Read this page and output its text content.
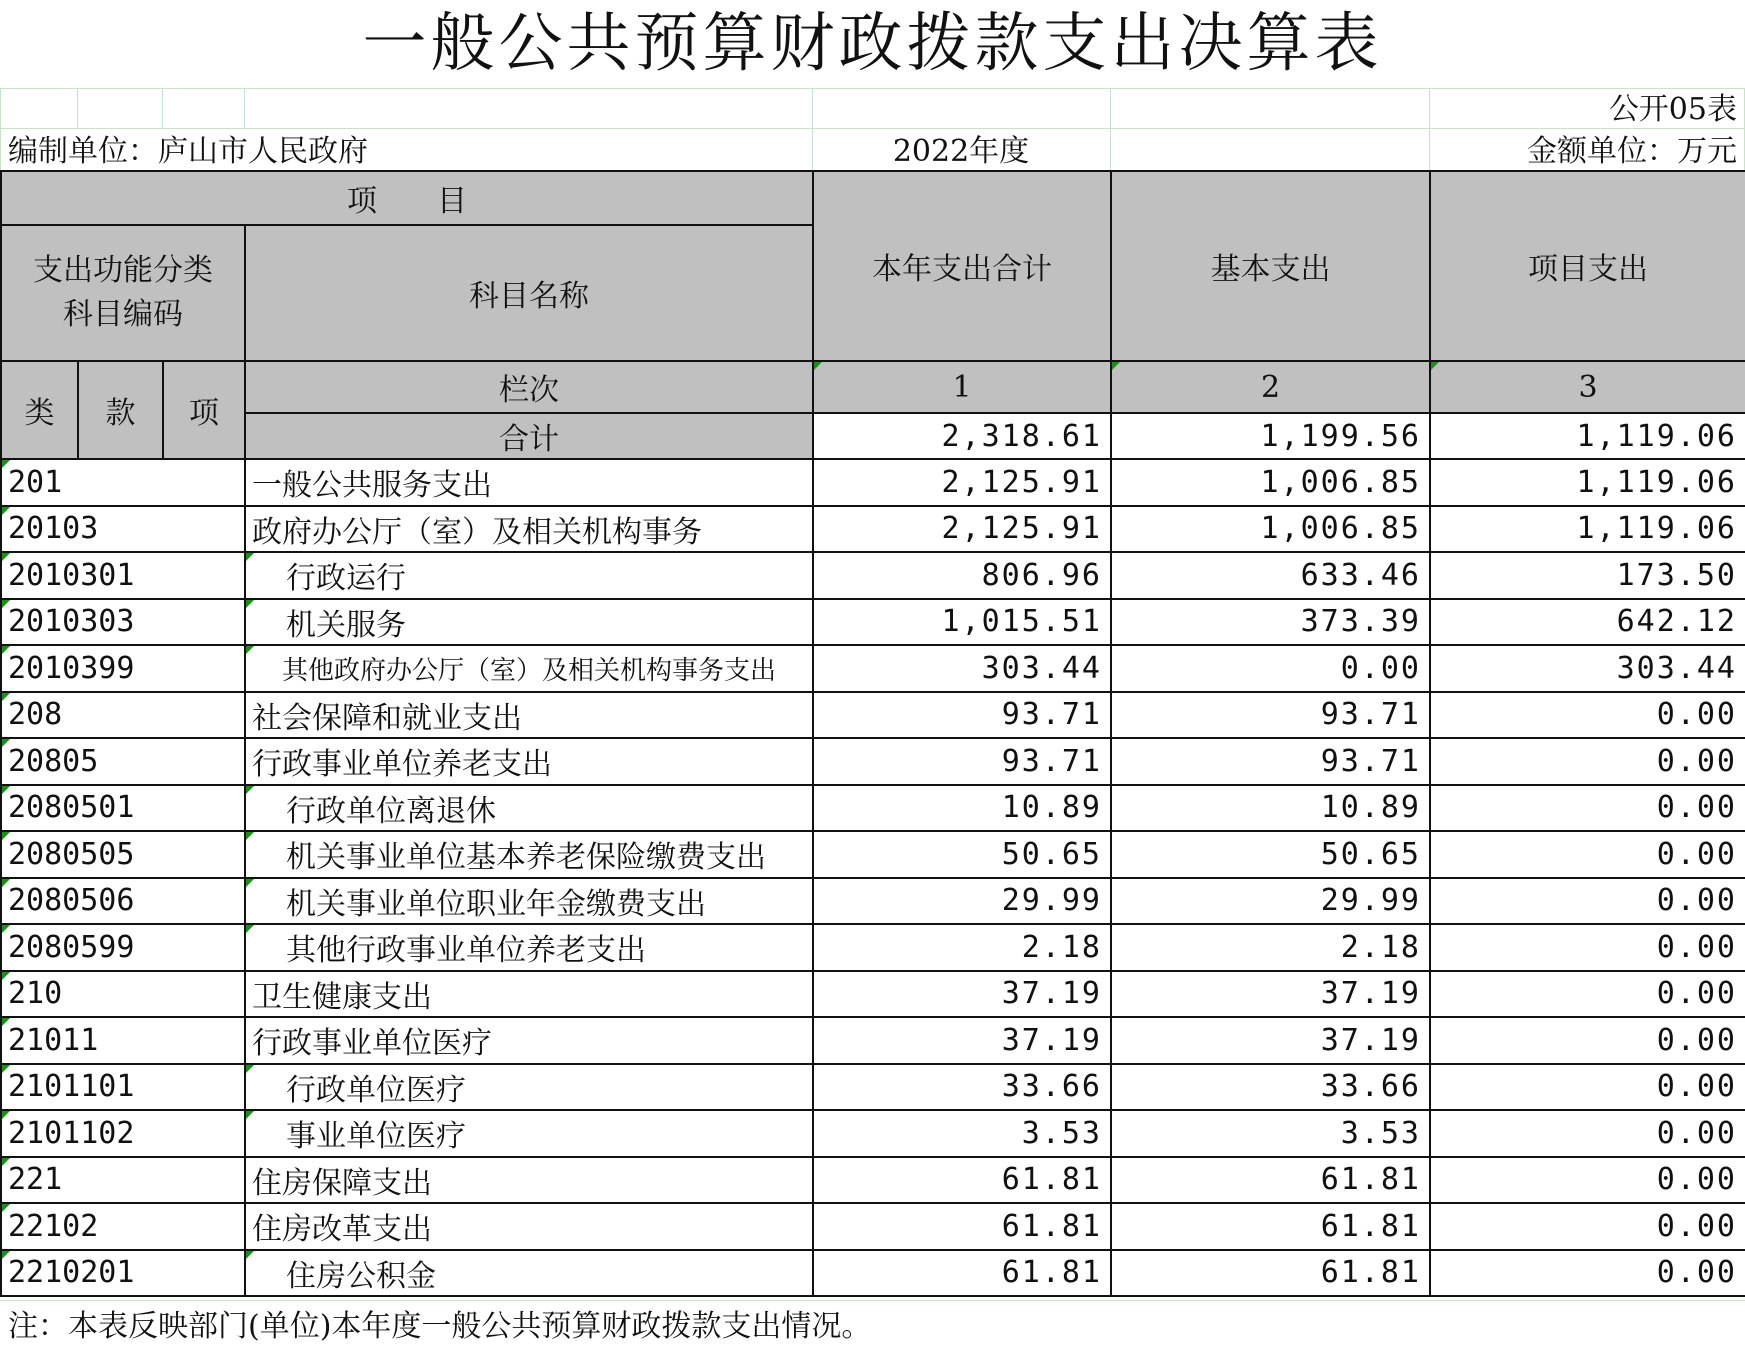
一般公共预算财政拨款支出决算表
公开05表
编制单位：庐山市人民政府	2022年度	金额单位：万元
项　　目				本年支出合计	基本支出	项目支出
支出功能分类科目编码			科目名称			
类	款	项	栏次	1	2	3
			合计	2,318.61	1,199.56	1,119.06
201			一般公共服务支出	2,125.91	1,006.85	1,119.06
20103			政府办公厅（室）及相关机构事务	2,125.91	1,006.85	1,119.06
2010301			行政运行	806.96	633.46	173.50
2010303			机关服务	1,015.51	373.39	642.12
2010399			其他政府办公厅（室）及相关机构事务支出	303.44	0.00	303.44
208			社会保障和就业支出	93.71	93.71	0.00
20805			行政事业单位养老支出	93.71	93.71	0.00
2080501			行政单位离退休	10.89	10.89	0.00
2080505			机关事业单位基本养老保险缴费支出	50.65	50.65	0.00
2080506			机关事业单位职业年金缴费支出	29.99	29.99	0.00
2080599			其他行政事业单位养老支出	2.18	2.18	0.00
210			卫生健康支出	37.19	37.19	0.00
21011			行政事业单位医疗	37.19	37.19	0.00
2101101			行政单位医疗	33.66	33.66	0.00
2101102			事业单位医疗	3.53	3.53	0.00
221			住房保障支出	61.81	61.81	0.00
22102			住房改革支出	61.81	61.81	0.00
2210201			住房公积金	61.81	61.81	0.00
注：本表反映部门(单位)本年度一般公共预算财政拨款支出情况。
